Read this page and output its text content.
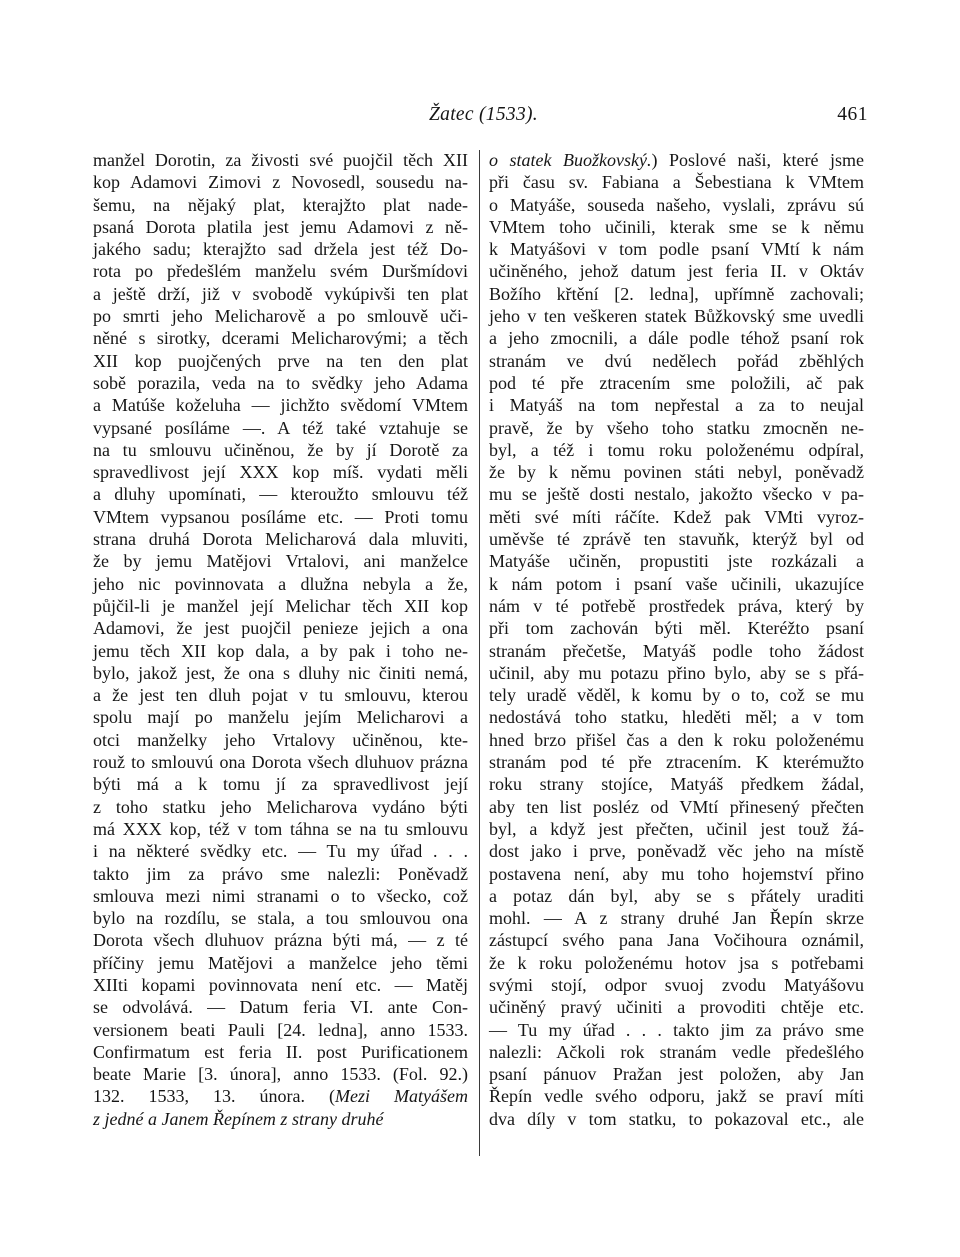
Žatec (1533).	461
manžel Dorotin, za živosti své puojčil těch XII
kop Adamovi Zimovi z Novosedl, sousedu na-
šemu, na nějaký plat, kterajžto plat nade-
psaná Dorota platila jest jemu Adamovi z ně-
jakého sadu; kterajžto sad držela jest též Do-
rota po předešlém manželu svém Duršmídovi
a ještě drží, již v svobodě vykúpivši ten plat
po smrti jeho Melicharově a po smlouvě uči-
něné s sirotky, dcerami Melicharovými; a těch
XII kop puojčených prve na ten den plat
sobě porazila, veda na to svědky jeho Adama
a Matúše koželuha — jichžto svědomí VMtem
vypsané posíláme —. A též také vztahuje se
na tu smlouvu učiněnou, že by jí Dorotě za
spravedlivost její XXX kop míš. vydati měli
a dluhy upomínati, — kteroužto smlouvu též
VMtem vypsanou posíláme etc. — Proti tomu
strana druhá Dorota Melicharová dala mluviti,
že by jemu Matějovi Vrtalovi, ani manželce
jeho nic povinnovata a dlužna nebyla a že,
půjčil-li je manžel její Melichar těch XII kop
Adamovi, že jest puojčil penieze jejich a ona
jemu těch XII kop dala, a by pak i toho ne-
bylo, jakož jest, že ona s dluhy nic činiti nemá,
a že jest ten dluh pojat v tu smlouvu, kterou
spolu mají po manželu jejím Melicharovi a
otci manželky jeho Vrtalovy učiněnou, kte-
rouž to smlouvú ona Dorota všech dluhuov prázna
býti má a k tomu jí za spravedlivost její
z toho statku jeho Melicharova vydáno býti
má XXX kop, též v tom táhna se na tu smlouvu
i na některé svědky etc. — Tu my úřad . . .
takto jim za právo sme nalezli: Poněvadž
smlouva mezi nimi stranami o to všecko, což
bylo na rozdílu, se stala, a tou smlouvou ona
Dorota všech dluhuov prázna býti má, — z té
příčiny jemu Matějovi a manželce jeho těmi
XIIti kopami povinnovata není etc. — Matěj
se odvolává. — Datum feria VI. ante Con-
versionem beati Pauli [24. ledna], anno 1533.
Confirmatum est feria II. post Purificationem
beate Marie [3. února], anno 1533. (Fol. 92.)
132. 1533, 13. února. (Mezi Matyášem
z jedné a Janem Řepínem z strany druhé
o statek Buožkovský.) Poslové naši, které jsme
při času sv. Fabiana a Šebestiana k VMtem
o Matyáše, souseda našeho, vyslali, zprávu sú
VMtem toho učinili, kterak sme se k němu
k Matyášovi v tom podle psaní VMtí k nám
učiněného, jehož datum jest feria II. v Oktáv
Božího křtění [2. ledna], upřímně zachovali;
jeho v ten veškeren statek Bůžkovský sme uvedli
a jeho zmocnili, a dále podle téhož psaní rok
stranám ve dvú nedělech pořád zběhlých
pod té pře ztracením sme položili, ač pak
i Matyáš na tom nepřestal a za to neujal
pravě, že by všeho toho statku zmocněn ne-
byl, a též i tomu roku položenému odpíral,
že by k němu povinen státi nebyl, poněvadž
mu se ještě dosti nestalo, jakožto všecko v pa-
měti své míti ráčíte. Kdež pak VMti vyroz-
uměvše té zprávě ten stavuňk, kterýž byl od
Matyáše učiněn, propustiti jste rozkázali a
k nám potom i psaní vaše učinili, ukazujíce
nám v té potřebě prostředek práva, který by
při tom zachován býti měl. Kteréžto psaní
stranám přečetše, Matyáš podle toho žádost
učinil, aby mu potazu přino bylo, aby se s přá-
tely uradě věděl, k komu by o to, což se mu
nedostává toho statku, hleděti měl; a v tom
hned brzo přišel čas a den k roku položenému
stranám pod té pře ztracením. K kterémužto
roku strany stojíce, Matyáš předkem žádal,
aby ten list posléz od VMtí přinesený přečten
byl, a když jest přečten, učinil jest touž žá-
dost jako i prve, poněvadž věc jeho na místě
postavena není, aby mu toho hojemství přino
a potaz dán byl, aby se s přátely uraditi
mohl. — A z strany druhé Jan Řepín skrze
zástupcí svého pana Jana Vočihoura oznámil,
že k roku položenému hotov jsa s potřebami
svými stojí, odpor svuoj zvodu Matyášovu
učiněný pravý učiniti a provoditi chtěje etc.
— Tu my úřad . . . takto jim za právo sme
nalezli: Ačkoli rok stranám vedle předešlého
psaní pánuov Pražan jest položen, aby Jan
Řepín vedle svého odporu, jakž se praví míti
dva díly v tom statku, to pokazoval etc., ale
